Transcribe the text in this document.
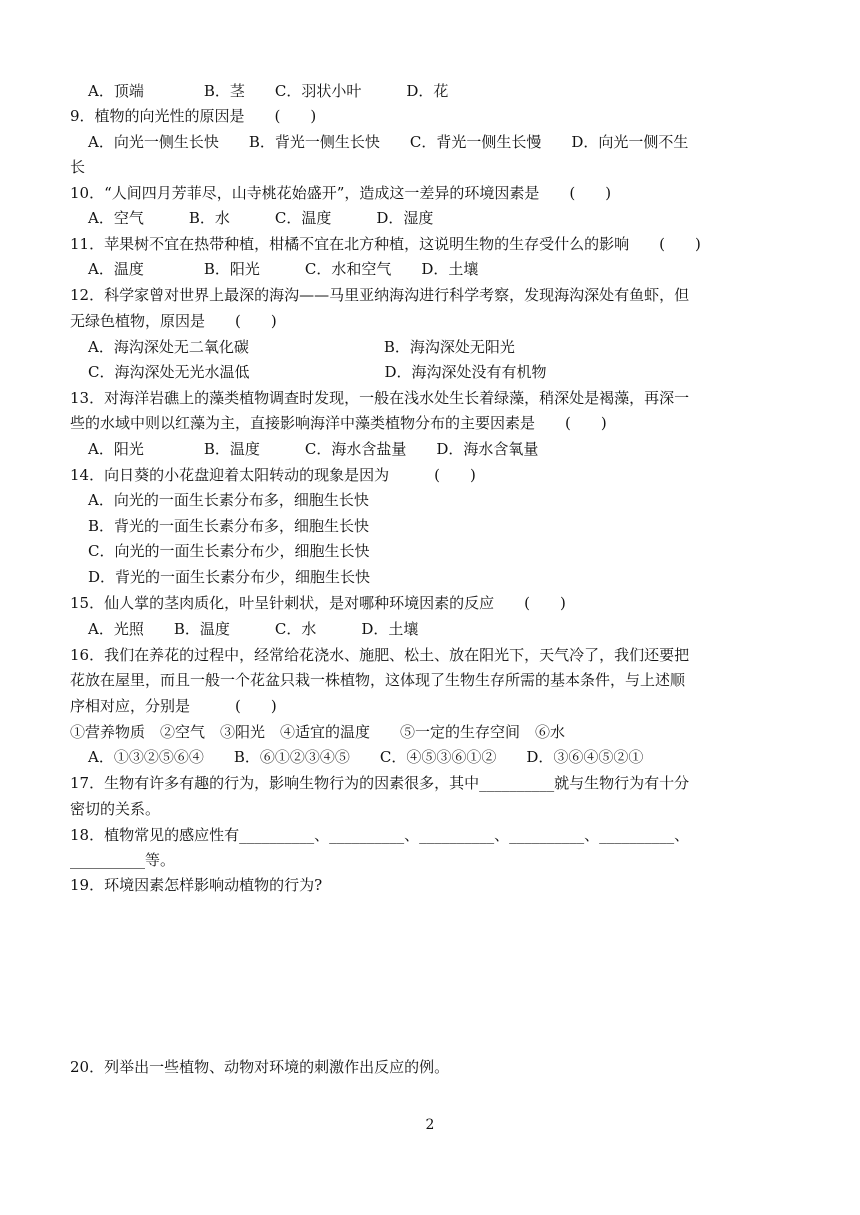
A．顶端　　　　B．茎　　C．羽状小叶　　　D．花
9．植物的向光性的原因是　　(　　)
A．向光一侧生长快　　B．背光一侧生长快　　C．背光一侧生长慢　　D．向光一侧不生
长
10．“人间四月芳菲尽，山寺桃花始盛开”，造成这一差异的环境因素是　　(　　)
A．空气　　　B．水　　　C．温度　　　D．湿度
11．苹果树不宜在热带种植，柑橘不宜在北方种植，这说明生物的生存受什么的影响　　(　　)
A．温度　　　　B．阳光　　　C．水和空气　　D．土壤
12．科学家曾对世界上最深的海沟——马里亚纳海沟进行科学考察，发现海沟深处有鱼虾，但
无绿色植物，原因是　　(　　)
A．海沟深处无二氧化碳　　　　　　　　　B．海沟深处无阳光
C．海沟深处无光水温低　　　　　　　　　D．海沟深处没有有机物
13．对海洋岩礁上的藻类植物调查时发现，一般在浅水处生长着绿藻，稍深处是褐藻，再深一
些的水域中则以红藻为主，直接影响海洋中藻类植物分布的主要因素是　　(　　)
A．阳光　　　　B．温度　　　C．海水含盐量　　D．海水含氧量
14．向日葵的小花盘迎着太阳转动的现象是因为　　　(　　)
A．向光的一面生长素分布多，细胞生长快
B．背光的一面生长素分布多，细胞生长快
C．向光的一面生长素分布少，细胞生长快
D．背光的一面生长素分布少，细胞生长快
15．仙人掌的茎肉质化，叶呈针刺状，是对哪种环境因素的反应　　(　　)
A．光照　　B．温度　　　C．水　　　D．土壤
16．我们在养花的过程中，经常给花浇水、施肥、松土、放在阳光下，天气冷了，我们还要把
花放在屋里，而且一般一个花盆只栽一株植物，这体现了生物生存所需的基本条件，与上述顺
序相对应，分别是　　　(　　)
①营养物质　②空气　③阳光　④适宜的温度　　⑤一定的生存空间　⑥水
A．①③②⑤⑥④　　B．⑥①②③④⑤　　C．④⑤③⑥①②　　D．③⑥④⑤②①
17．生物有许多有趣的行为，影响生物行为的因素很多，其中__________就与生物行为有十分
密切的关系。
18．植物常见的感应性有__________、__________、__________、__________、__________、
__________等。
19．环境因素怎样影响动植物的行为?
20．列举出一些植物、动物对环境的刺激作出反应的例。
2
